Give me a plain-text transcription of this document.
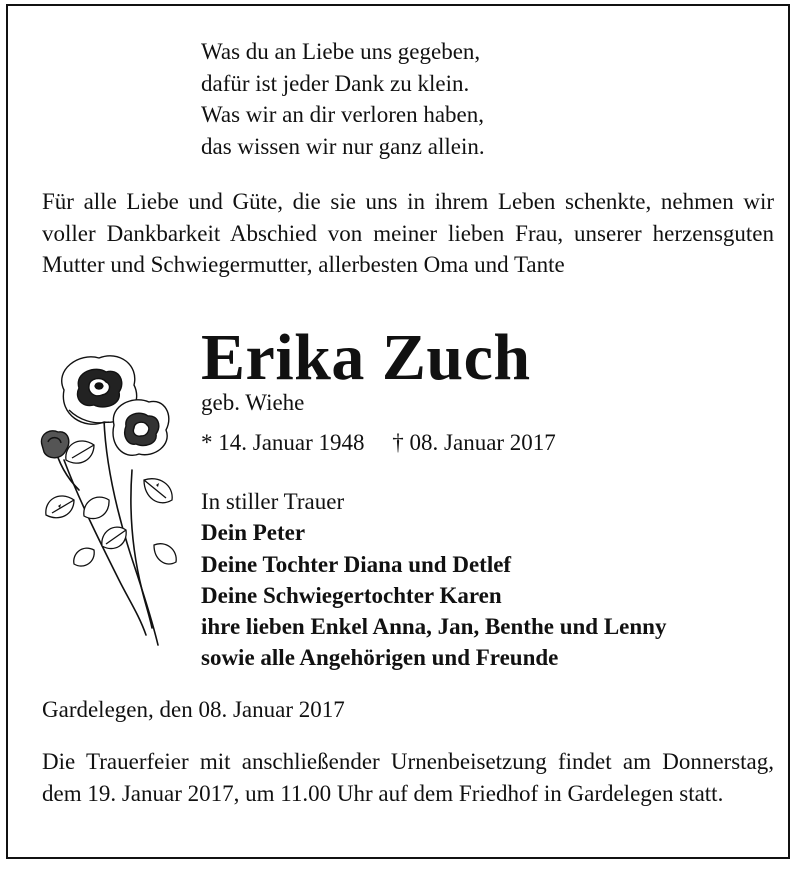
Was du an Liebe uns gegeben,
dafür ist jeder Dank zu klein.
Was wir an dir verloren haben,
das wissen wir nur ganz allein.
Für alle Liebe und Güte, die sie uns in ihrem Leben schenkte, nehmen wir voller Dankbarkeit Abschied von meiner lieben Frau, unserer herzensguten Mutter und Schwiegermutter, allerbesten Oma und Tante
Erika Zuch
geb. Wiehe
* 14. Januar 1948 † 08. Januar 2017
In stiller Trauer
Dein Peter
Deine Tochter Diana und Detlef
Deine Schwiegertochter Karen
ihre lieben Enkel Anna, Jan, Benthe und Lenny
sowie alle Angehörigen und Freunde
Gardelegen, den 08. Januar 2017
Die Trauerfeier mit anschließender Urnenbeisetzung findet am Donnerstag, dem 19. Januar 2017, um 11.00 Uhr auf dem Friedhof in Gardelegen statt.
